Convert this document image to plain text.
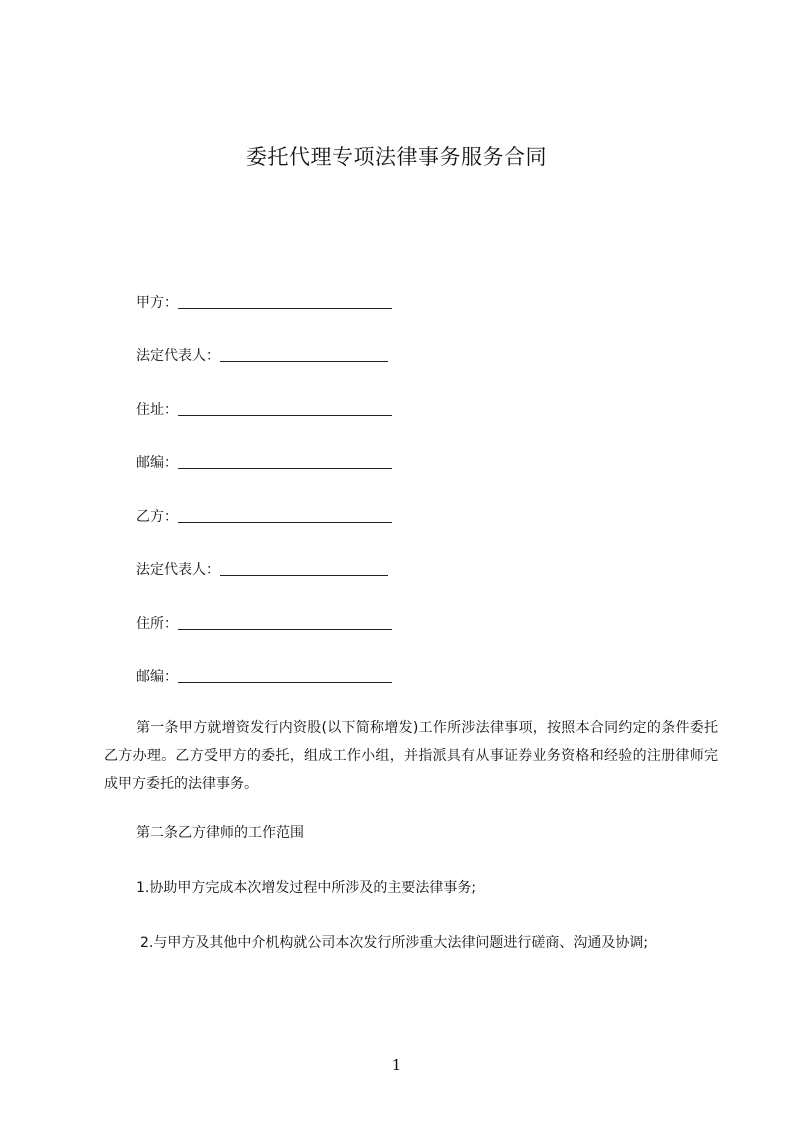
委托代理专项法律事务服务合同
甲方：
法定代表人：
住址：
邮编：
乙方：
法定代表人：
住所：
邮编：
第一条甲方就增资发行内资股(以下简称增发)工作所涉法律事项，按照本合同约定的条件委托乙方办理。乙方受甲方的委托，组成工作小组，并指派具有从事证券业务资格和经验的注册律师完成甲方委托的法律事务。
第二条乙方律师的工作范围
1.协助甲方完成本次增发过程中所涉及的主要法律事务;
2.与甲方及其他中介机构就公司本次发行所涉重大法律问题进行磋商、沟通及协调;
1
